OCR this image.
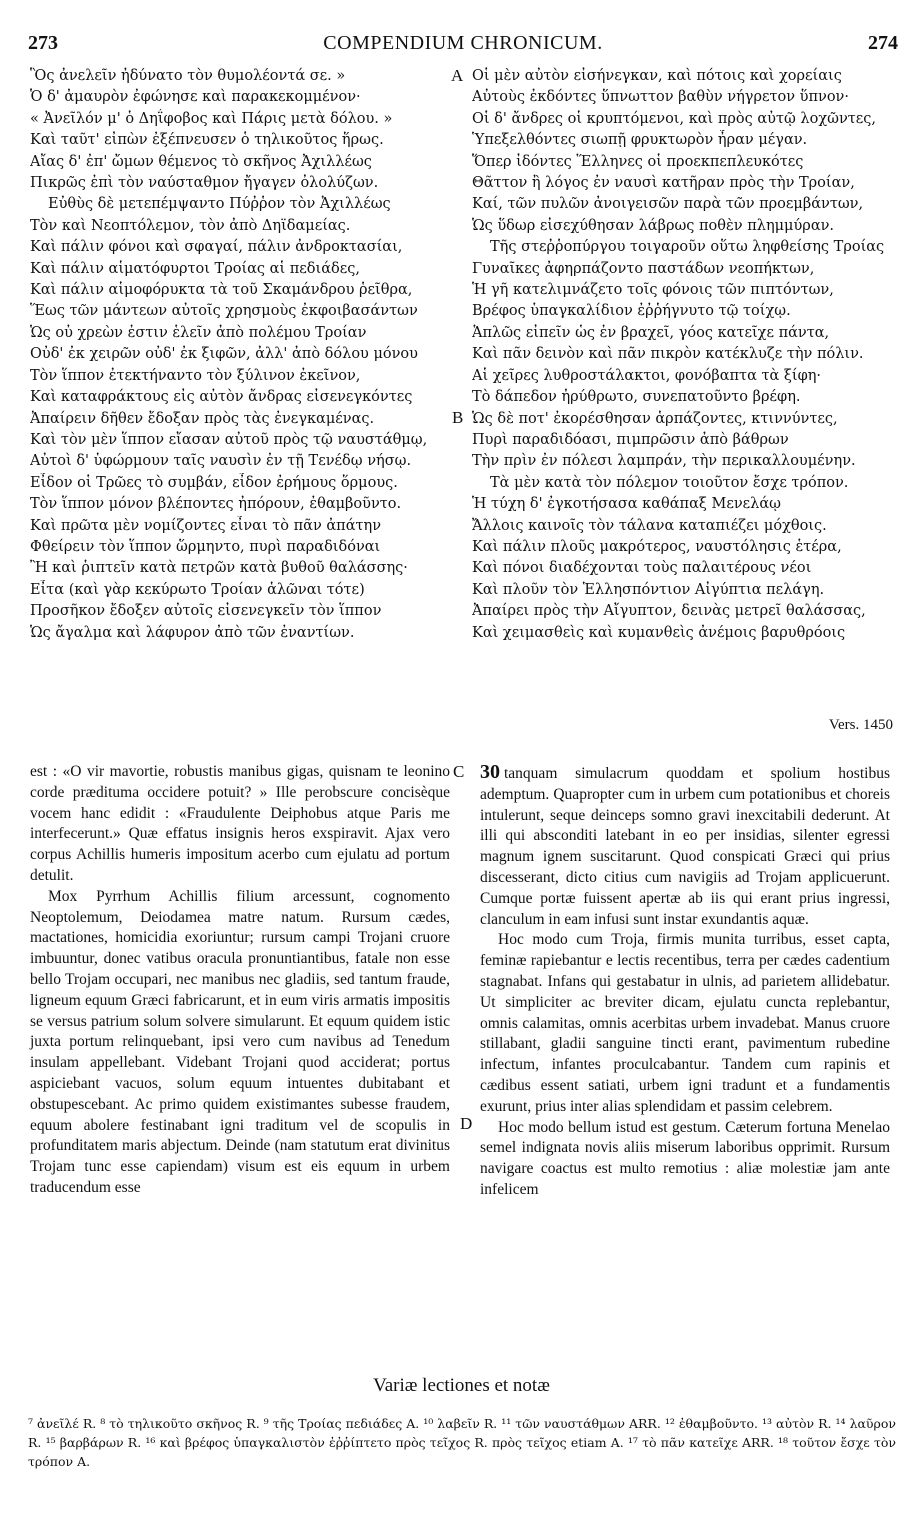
273	COMPENDIUM CHRONICUM.	274
Ὃς ἀνελεῖν ἠδύνατο τὸν θυμολέοντά σε. »
Ὁ δ' ἀμαυρὸν ἐφώνησε καὶ παρακεκομμένον·
« Ἀνεῖλόν μ' ὁ Δηΐφοβος καὶ Πάρις μετὰ δόλου. »
Καὶ ταῦτ' εἰπὼν ἐξέπνευσεν ὁ τηλικοῦτος ἥρως.
Αἴας δ' ἐπ' ὤμων θέμενος τὸ σκῆνος Ἀχιλλέως
Πικρῶς ἐπὶ τὸν ναύσταθμον ἤγαγεν ὀλολύζων.
Εὐθὺς δὲ μετεπέμψαντο Πύῤῥον τὸν Ἀχιλλέως
Τὸν καὶ Νεοπτόλεμον, τὸν ἀπὸ Δηϊδαμείας.
Καὶ πάλιν φόνοι καὶ σφαγαί, πάλιν ἀνδροκτασίαι,
Καὶ πάλιν αἱματόφυρτοι Τροίας αἱ πεδιάδες,
Καὶ πάλιν αἱμοφόρυκτα τὰ τοῦ Σκαμάνδρου ῥεῖθρα,
Ἕως τῶν μάντεων αὐτοῖς χρησμοὺς ἐκφοιβασάντων
Ὡς οὐ χρεὼν ἐστιν ἑλεῖν ἀπὸ πολέμου Τροίαν
Οὐδ' ἐκ χειρῶν οὐδ' ἐκ ξιφῶν, ἀλλ' ἀπὸ δόλου μόνου
Τὸν ἵππον ἐτεκτήναντο τὸν ξύλινον ἐκεῖνον,
Καὶ καταφράκτους εἰς αὐτὸν ἄνδρας εἰσενεγκόντες
Ἀπαίρειν δῆθεν ἔδοξαν πρὸς τὰς ἐνεγκαμένας.
Καὶ τὸν μὲν ἵππον εἴασαν αὐτοῦ πρὸς τῷ ναυστάθμῳ,
Αὐτοὶ δ' ὑφώρμουν ταῖς ναυσὶν ἐν τῇ Τενέδῳ νήσῳ.
Εἶδον οἱ Τρῶες τὸ συμβάν, εἶδον ἐρήμους ὅρμους.
Τὸν ἵππον μόνον βλέποντες ἠπόρουν, ἐθαμβοῦντο.
Καὶ πρῶτα μὲν νομίζοντες εἶναι τὸ πᾶν ἀπάτην
Φθείρειν τὸν ἵππον ὥρμηντο, πυρὶ παραδιδόναι
Ἢ καὶ ῥιπτεῖν κατὰ πετρῶν κατὰ βυθοῦ θαλάσσης·
Εἶτα (καὶ γὰρ κεκύρωτο Τροίαν ἁλῶναι τότε)
Προσῆκον ἔδοξεν αὐτοῖς εἰσενεγκεῖν τὸν ἵππον
Ὡς ἄγαλμα καὶ λάφυρον ἀπὸ τῶν ἐναντίων.
Οἱ μὲν αὐτὸν εἰσήνεγκαν, καὶ πότοις καὶ χορείαις
Αὐτοὺς ἐκδόντες ὕπνωττον βαθὺν νήγρετον ὕπνον·
Οἱ δ' ἄνδρες οἱ κρυπτόμενοι, καὶ πρὸς αὐτῷ λοχῶντες,
Ὑπεξελθόντες σιωπῇ φρυκτωρὸν ἦραν μέγαν.
Ὅπερ ἰδόντες Ἕλληνες οἱ προεκπεπλευκότες
Θᾶττον ἢ λόγος ἐν ναυσὶ κατῆραν πρὸς τὴν Τροίαν,
Καί, τῶν πυλῶν ἀνοιγεισῶν παρὰ τῶν προεμβάντων,
Ὡς ὕδωρ εἰσεχύθησαν λάβρως ποθὲν πλημμύραν.
Τῆς στεῤῥοπύργου τοιγαροῦν οὕτω ληφθείσης Τροίας
Γυναῖκες ἀφηρπάζοντο παστάδων νεοπήκτων,
Ἡ γῆ κατελιμνάζετο τοῖς φόνοις τῶν πιπτόντων,
Βρέφος ὑπαγκαλίδιον ἐῤῥήγνυτο τῷ τοίχῳ.
Ἁπλῶς εἰπεῖν ὡς ἐν βραχεῖ, γόος κατεῖχε πάντα,
Καὶ πᾶν δεινὸν καὶ πᾶν πικρὸν κατέκλυζε τὴν πόλιν.
Αἱ χεῖρες λυθροστάλακτοι, φονόβαπτα τὰ ξίφη·
Τὸ δάπεδον ἠρύθρωτο, συνεπατοῦντο βρέφη.
Ὡς δὲ ποτ' ἐκορέσθησαν ἁρπάζοντες, κτιννύντες,
Πυρὶ παραδιδόασι, πιμπρῶσιν ἀπὸ βάθρων
Τὴν πρὶν ἐν πόλεσι λαμπράν, τὴν περικαλλουμένην.
Τὰ μὲν κατὰ τὸν πόλεμον τοιοῦτον ἔσχε τρόπον.
Ἡ τύχη δ' ἐγκοτήσασα καθάπαξ Μενελάῳ
Ἄλλοις καινοῖς τὸν τάλανα καταπιέζει μόχθοις.
Καὶ πάλιν πλοῦς μακρότερος, ναυστόλησις ἑτέρα,
Καὶ πόνοι διαδέχονται τοὺς παλαιτέρους νέοι
Καὶ πλοῦν τὸν Ἑλλησπόντιον Αἰγύπτια πελάγη.
Ἀπαίρει πρὸς τὴν Αἴγυπτον, δεινὰς μετρεῖ θαλάσσας,
Καὶ χειμασθεὶς καὶ κυμανθεὶς ἀνέμοις βαρυθρόοις
A
B
Vers. 1450
C
D

est : «O vir mavortie, robustis manibus gigas, quisnam te leonino corde prædituma occidere potuit? » Ille perobscure concisèque vocem hanc edidit : «Fraudulente Deiphobus atque Paris me interfecerunt.» Quæ effatus insignis heros exspiravit. Ajax vero corpus Achillis humeris impositum acerbo cum ejulatu ad portum detulit.

Mox Pyrrhum Achillis filium arcessunt, cognomento Neoptolemum, Deiodamea matre natum. Rursum cædes, mactationes, homicidia exoriuntur; rursum campi Trojani cruore imbuuntur, donec vatibus oracula pronuntiantibus, fatale non esse bello Trojam occupari, nec manibus nec gladiis, sed tantum fraude, ligneum equum Græci fabricarunt, et in eum viris armatis impositis se versus patrium solum solvere simularunt. Et equum quidem istic juxta portum relinquebant, ipsi vero cum navibus ad Tenedum insulam appellebant. Videbant Trojani quod acciderat; portus aspiciebant vacuos, solum equum intuentes dubitabant et obstupescebant. Ac primo quidem existimantes subesse fraudem, equum abolere festinabant igni traditum vel de scopulis in profunditatem maris abjectum. Deinde (nam statutum erat divinitus Trojam tunc esse capiendam) visum est eis equum in urbem traducendum esse

30 tanquam simulacrum quoddam et spolium hostibus ademptum. Quapropter cum in urbem cum potationibus et choreis intulerunt, seque deinceps somno gravi inexcitabili dederunt. At illi qui absconditi latebant in eo per insidias, silenter egressi magnum ignem suscitarunt. Quod conspicati Græci qui prius discesserant, dicto citius cum navigiis ad Trojam applicuerunt. Cumque portæ fuissent apertæ ab iis qui erant prius ingressi, clanculum in eam infusi sunt instar exundantis aquæ.

Hoc modo cum Troja, firmis munita turribus, esset capta, feminæ rapiebantur e lectis recentibus, terra per cædes cadentium stagnabat. Infans qui gestabatur in ulnis, ad parietem allidebatur. Ut simpliciter ac breviter dicam, ejulatu cuncta replebantur, omnis calamitas, omnis acerbitas urbem invadebat. Manus cruore stillabant, gladii sanguine tincti erant, pavimentum rubedine infectum, infantes proculcabantur. Tandem cum rapinis et cædibus essent satiati, urbem igni tradunt et a fundamentis exurunt, prius inter alias splendidam et passim celebrem.

Hoc modo bellum istud est gestum. Cæterum fortuna Menelao semel indignata novis aliis miserum laboribus opprimit. Rursum navigare coactus est multo remotius : aliæ molestiæ jam ante infelicem

Variæ lectiones et notæ
⁷ ἀνεῖλέ R. ⁸ τὸ τηλικοῦτο σκῆνος R. ⁹ τῆς Τροίας πεδιάδες A. ¹⁰ λαβεῖν R. ¹¹ τῶν ναυστάθμων ARR. ¹² ἐθαμβοῦντο. ¹³ αὐτὸν R. ¹⁴ λαῦρον R. ¹⁵ βαρβάρων R. ¹⁶ καὶ βρέφος ὑπαγκαλιστὸν ἐῤῥίπτετο πρὸς τεῖχος R. πρὸς τεῖχος etiam A. ¹⁷ τὸ πᾶν κατεῖχε ARR. ¹⁸ τοῦτον ἔσχε τὸν τρόπον A.
